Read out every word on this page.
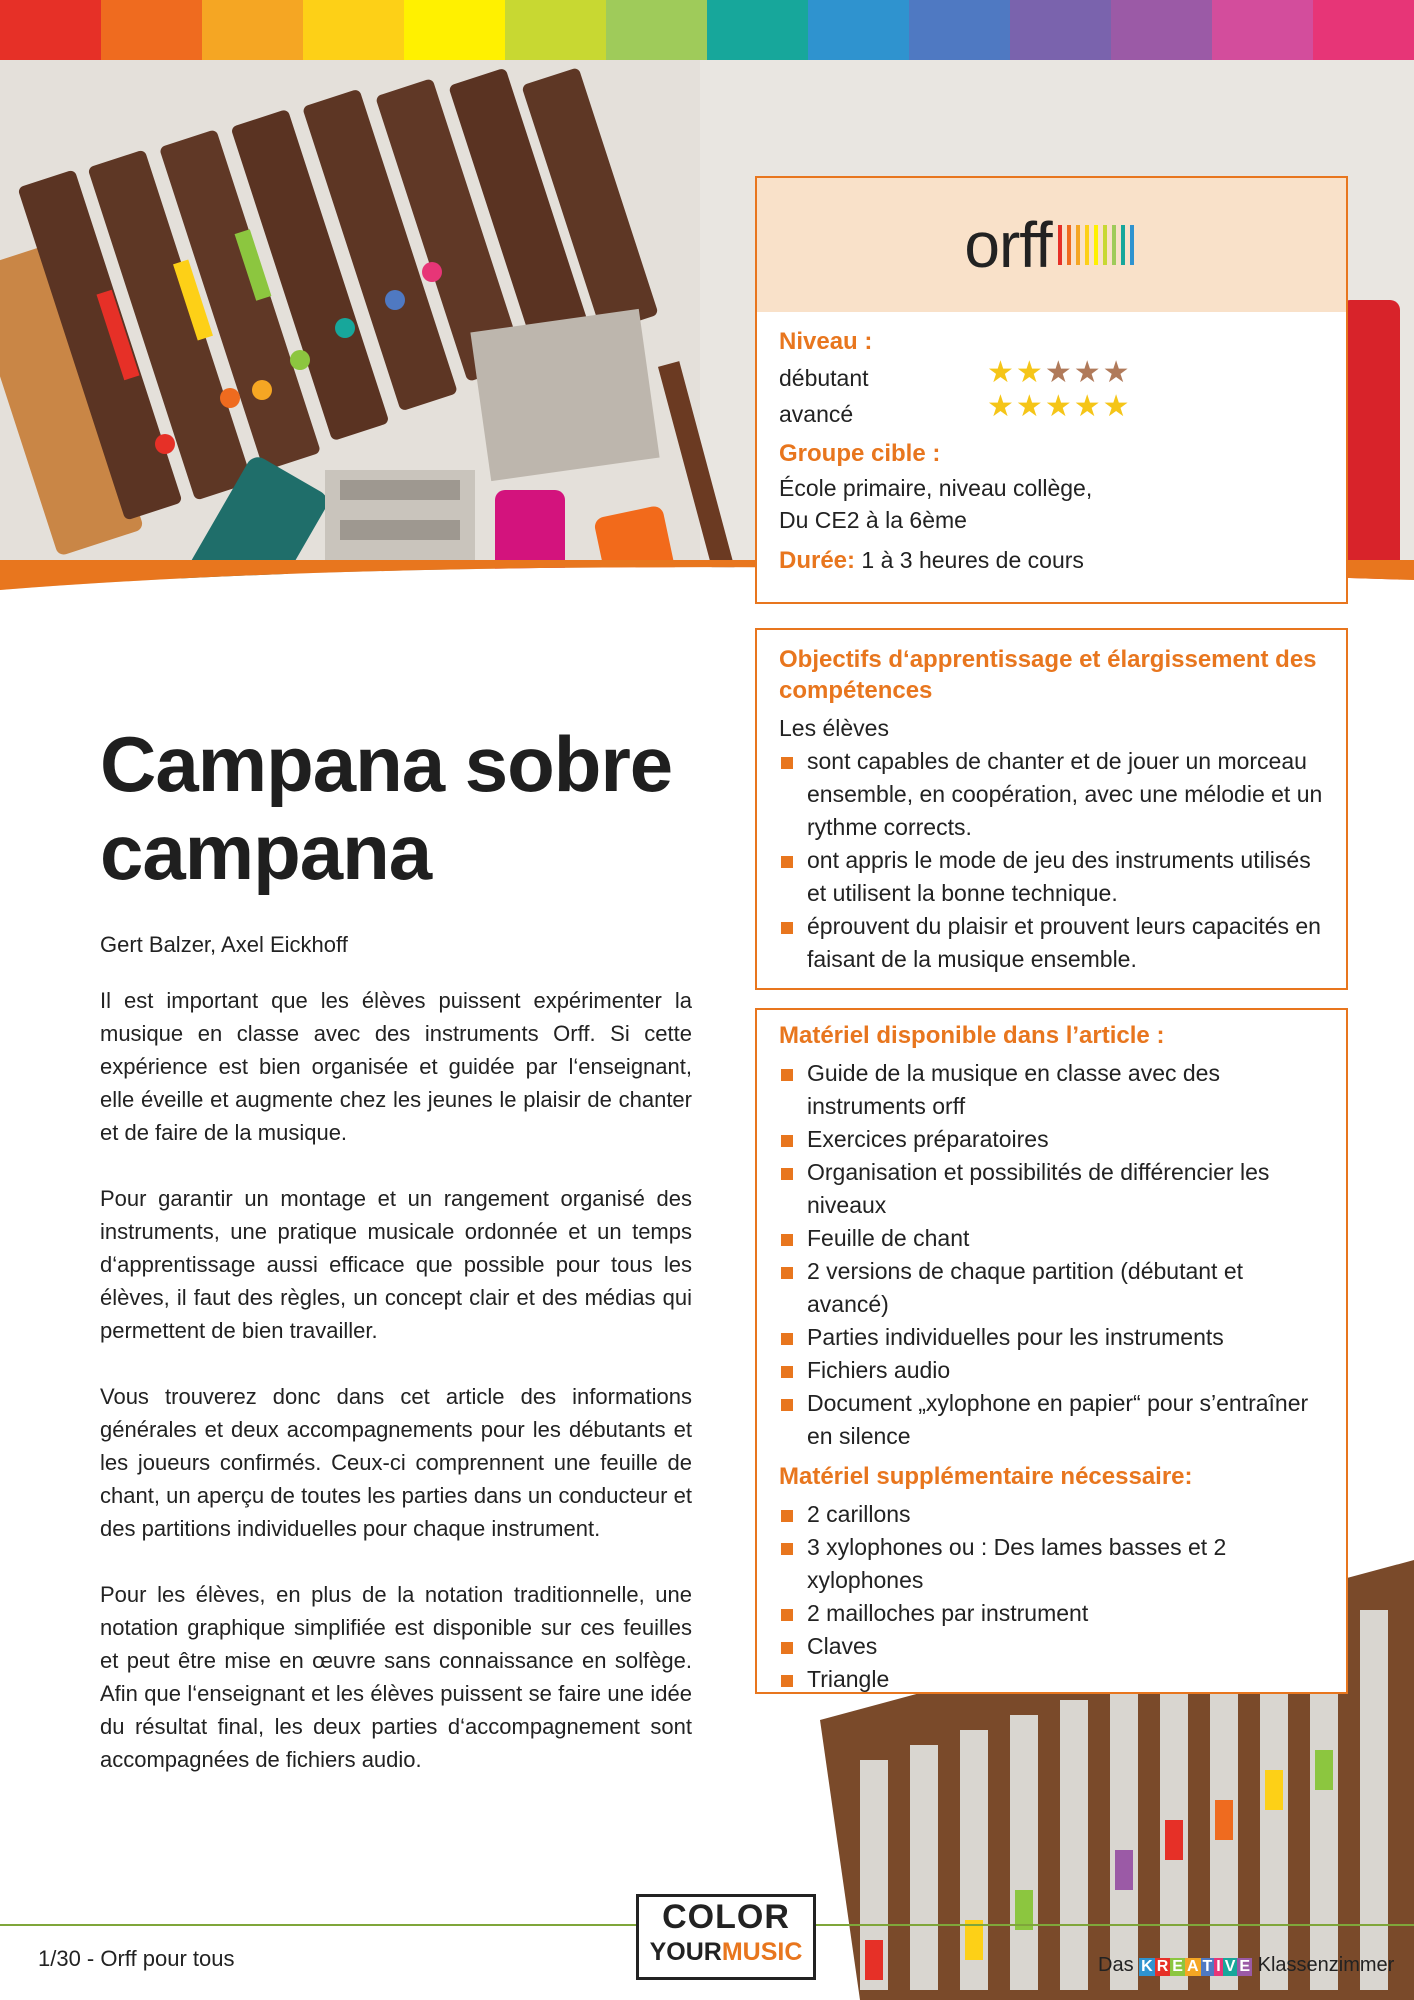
Campana sobre
campana
Gert Balzer, Axel Eickhoff

Il est important que les élèves puissent expérimenter la musique en classe avec des instruments Orff. Si cette expérience est bien organisée et guidée par l‘enseignant, elle éveille et augmente chez les jeunes le plaisir de chanter et de faire de la musique.

Pour garantir un montage et un rangement organisé des instruments, une pratique musicale ordonnée et un temps d‘apprentissage aussi efficace que possible pour tous les élèves, il faut des règles, un concept clair et des médias qui permettent de bien travailler.

Vous trouverez donc dans cet article des informations générales et deux accompagnements pour les débutants et les joueurs confirmés. Ceux-ci comprennent une feuille de chant, un aperçu de toutes les parties dans un conducteur et des partitions individuelles pour chaque instrument.

Pour les élèves, en plus de la notation traditionnelle, une notation graphique simplifiée est disponible sur ces feuilles et peut être mise en œuvre sans connaissance en solfège. Afin que l‘enseignant et les élèves puissent se faire une idée du résultat final, les deux parties d‘accompagnement sont accompagnées de fichiers audio.

orff
Niveau :
débutant
avancé
★★★★★
★★★★★
Groupe cible :
École primaire, niveau collège,
Du CE2 à la 6ème
Durée: 1 à 3 heures de cours
Objectifs d‘apprentissage et élargissement des compétences
Les élèves
sont capables de chanter et de jouer un morceau ensemble, en coopération, avec une mélodie et un rythme corrects.
ont appris le mode de jeu des instruments utilisés et utilisent la bonne technique.
éprouvent du plaisir et prouvent leurs capacités en faisant de la musique ensemble.
Matériel disponible dans l’article :
Guide de la musique en classe avec des instruments orff
Exercices préparatoires
Organisation et possibilités de différencier les niveaux
Feuille de chant
2 versions de chaque partition (débutant et avancé)
Parties individuelles pour les instruments
Fichiers audio
Document „xylophone en papier“ pour s’entraîner en silence
Matériel supplémentaire nécessaire:
2 carillons
3 xylophones ou : Des lames basses et 2 xylophones
2 mailloches par instrument
Claves
Triangle
1/30 - Orff pour tous
COLOR
YOURMUSIC	Das K R E A T I V E Klassenzimmer
